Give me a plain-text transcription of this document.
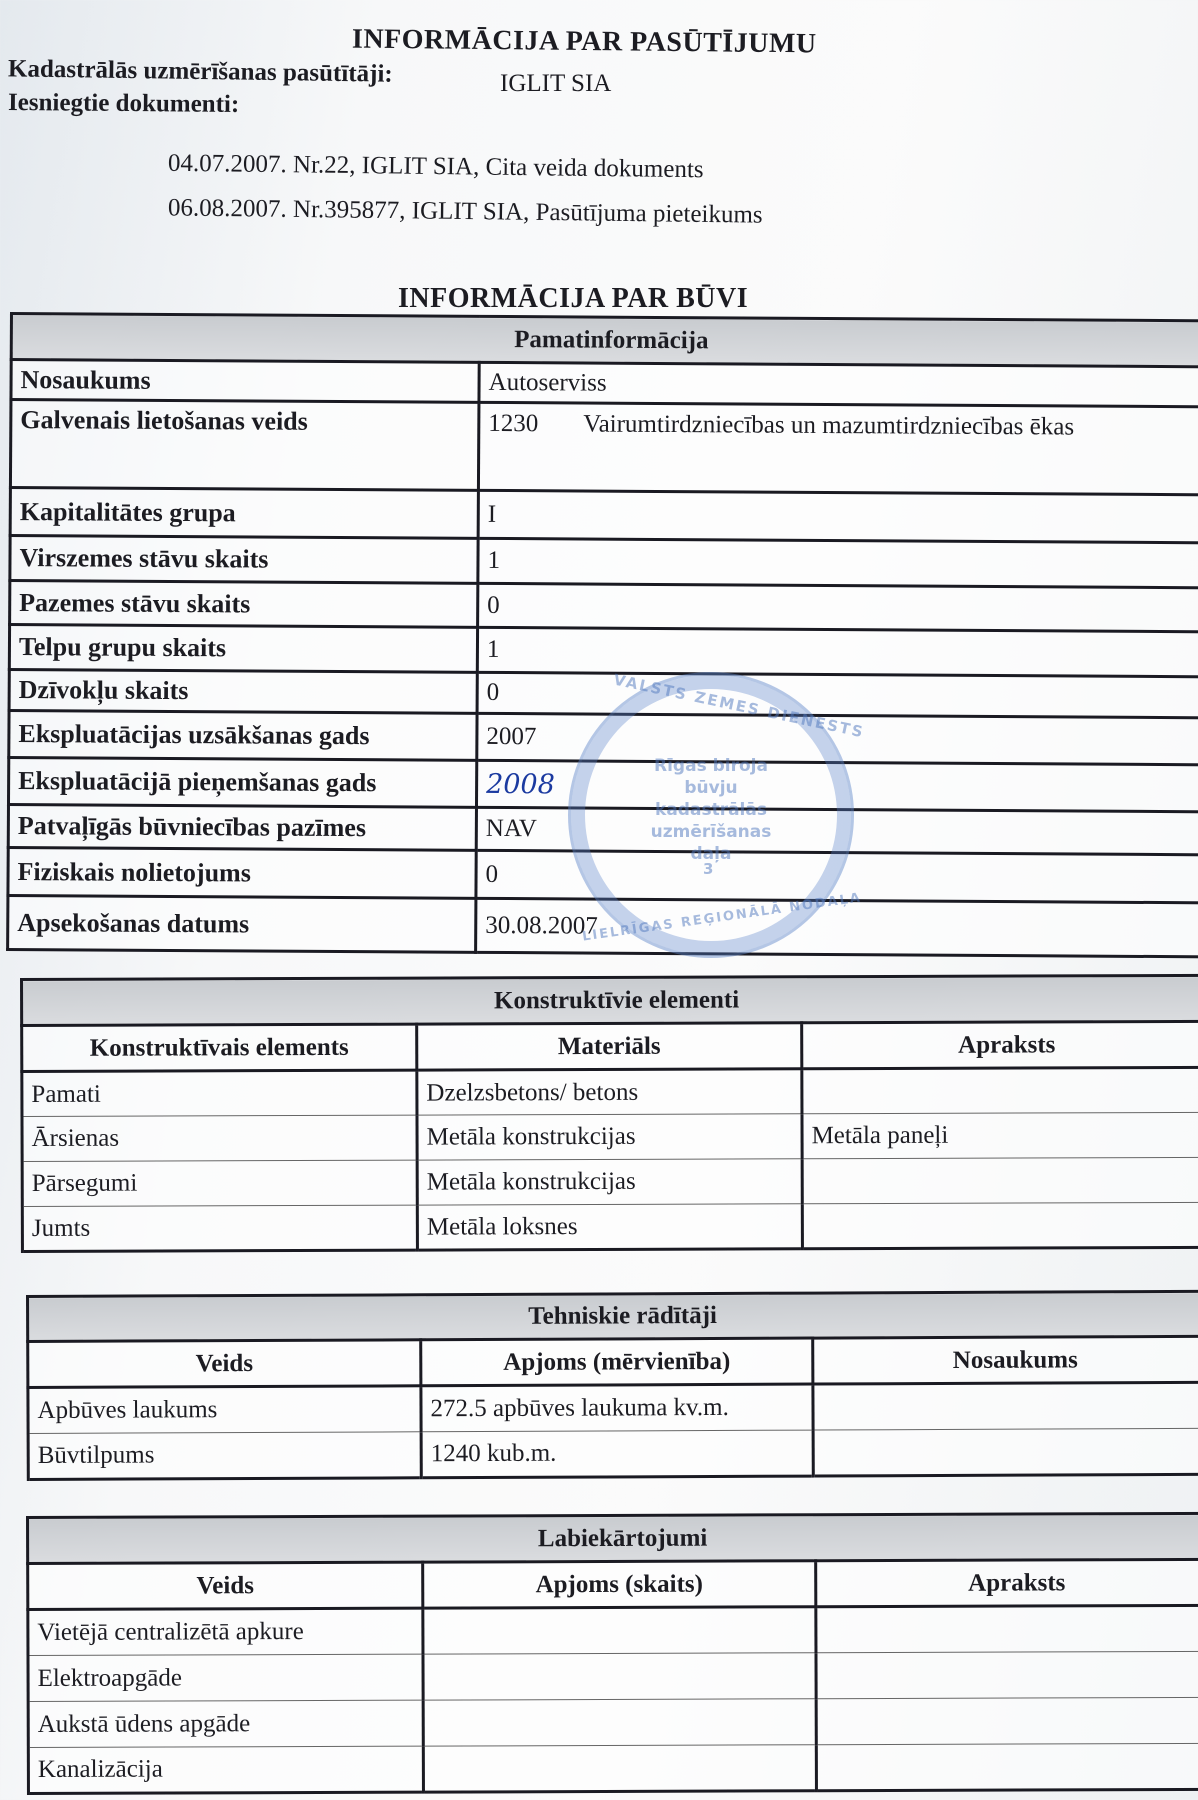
INFORMĀCIJA PAR PASŪTĪJUMU
Kadastrālās uzmērīšanas pasūtītāji:	IGLIT SIA
Iesniegtie dokumenti:
04.07.2007. Nr.22, IGLIT SIA, Cita veida dokuments
06.08.2007. Nr.395877, IGLIT SIA, Pasūtījuma pieteikums
INFORMĀCIJA PAR BŪVI
Pamatinformācija	
Nosaukums	Autoserviss
Galvenais lietošanas veids	1230 Vairumtirdzniecības un mazumtirdzniecības ēkas

Kapitalitātes grupa	I
Virszemes stāvu skaits	1
Pazemes stāvu skaits	0
Telpu grupu skaits	1
Dzīvokļu skaits	0
Ekspluatācijas uzsākšanas gads	2007
Ekspluatācijā pieņemšanas gads	2008
Patvaļīgās būvniecības pazīmes	NAV
Fiziskais nolietojums	0
Apsekošanas datums	30.08.2007
VALSTS ZEMES DIENESTS
Rīgas biroja būvju kadastrālās uzmērīšanas daļa
3
LIELRĪGAS REĢIONĀLĀ NODAĻA
Konstruktīvie elementi		
Konstruktīvais elements	Materiāls	Apraksts
Pamati	Dzelzsbetons/ betons	
Ārsienas	Metāla konstrukcijas	Metāla paneļi
Pārsegumi	Metāla konstrukcijas	
Jumts	Metāla loksnes	
Tehniskie rādītāji		
Veids	Apjoms (mērvienība)	Nosaukums
Apbūves laukums	272.5 apbūves laukuma kv.m.	
Būvtilpums	1240 kub.m.	
Labiekārtojumi		
Veids	Apjoms (skaits)	Apraksts
Vietējā centralizētā apkure		
Elektroapgāde		
Aukstā ūdens apgāde		
Kanalizācija		
